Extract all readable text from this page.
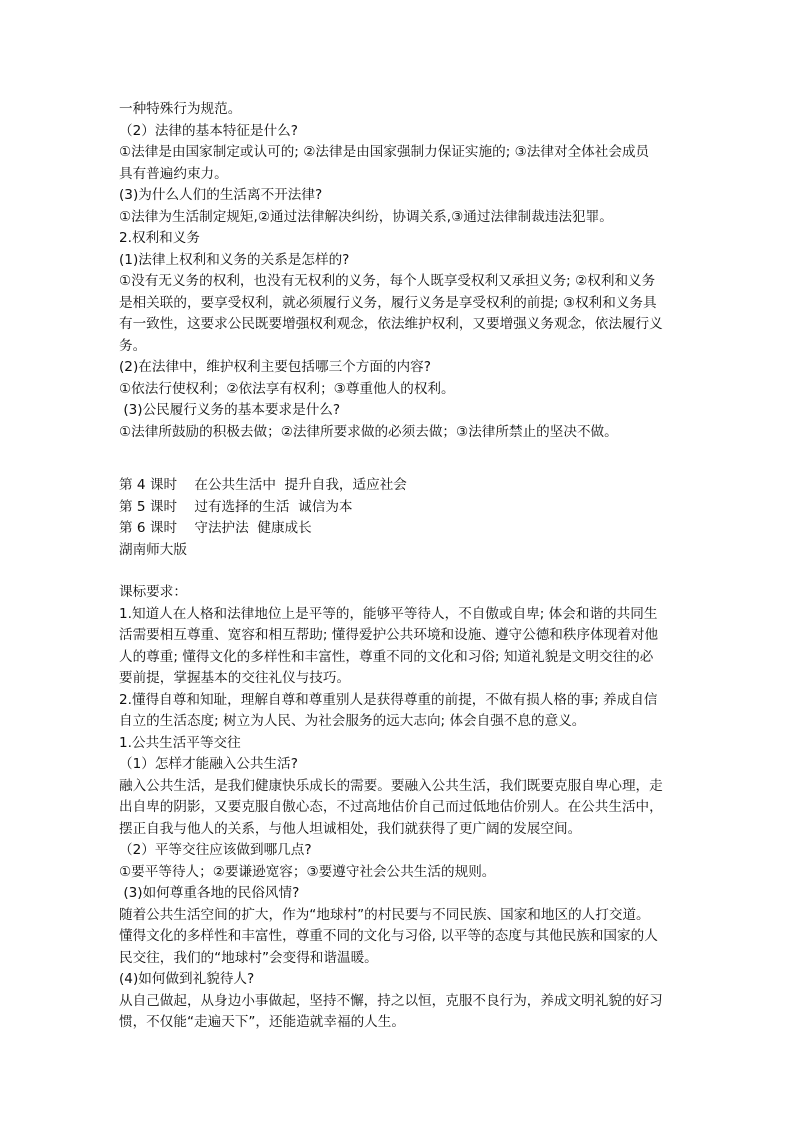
一种特殊行为规范。
（2）法律的基本特征是什么?
①法律是由国家制定或认可的; ②法律是由国家强制力保证实施的; ③法律对全体社会成员
具有普遍约束力。
(3)为什么人们的生活离不开法律?
①法律为生活制定规矩,②通过法律解决纠纷，协调关系,③通过法律制裁违法犯罪。
2.权利和义务
(1)法律上权利和义务的关系是怎样的?
①没有无义务的权利，也没有无权利的义务，每个人既享受权利又承担义务; ②权利和义务
是相关联的，要享受权利，就必须履行义务，履行义务是享受权利的前提; ③权利和义务具
有一致性，这要求公民既要增强权利观念，依法维护权利，又要增强义务观念，依法履行义
务。
(2)在法律中，维护权利主要包括哪三个方面的内容?
①依法行使权利；②依法享有权利；③尊重他人的权利。
(3)公民履行义务的基本要求是什么?
①法律所鼓励的积极去做；②法律所要求做的必须去做；③法律所禁止的坚决不做。
第 4 课时    在公共生活中  提升自我，适应社会
第 5 课时    过有选择的生活  诚信为本
第 6 课时    守法护法  健康成长
湖南师大版
课标要求：
1.知道人在人格和法律地位上是平等的，能够平等待人，不自傲或自卑; 体会和谐的共同生
活需要相互尊重、宽容和相互帮助; 懂得爱护公共环境和设施、遵守公德和秩序体现着对他
人的尊重; 懂得文化的多样性和丰富性，尊重不同的文化和习俗; 知道礼貌是文明交往的必
要前提，掌握基本的交往礼仪与技巧。
2.懂得自尊和知耻，理解自尊和尊重别人是获得尊重的前提，不做有损人格的事; 养成自信
自立的生活态度; 树立为人民、为社会服务的远大志向; 体会自强不息的意义。
1.公共生活平等交往
（1）怎样才能融入公共生活?
融入公共生活，是我们健康快乐成长的需要。要融入公共生活，我们既要克服自卑心理，走
出自卑的阴影，又要克服自傲心态，不过高地估价自己而过低地估价别人。在公共生活中，
摆正自我与他人的关系，与他人坦诚相处，我们就获得了更广阔的发展空间。
（2）平等交往应该做到哪几点?
①要平等待人；②要谦逊宽容；③要遵守社会公共生活的规则。
(3)如何尊重各地的民俗风情?
随着公共生活空间的扩大，作为“地球村”的村民要与不同民族、国家和地区的人打交道。
懂得文化的多样性和丰富性，尊重不同的文化与习俗, 以平等的态度与其他民族和国家的人
民交往，我们的“地球村”会变得和谐温暖。
(4)如何做到礼貌待人?
从自己做起，从身边小事做起，坚持不懈，持之以恒，克服不良行为，养成文明礼貌的好习
惯，不仅能“走遍天下”，还能造就幸福的人生。
